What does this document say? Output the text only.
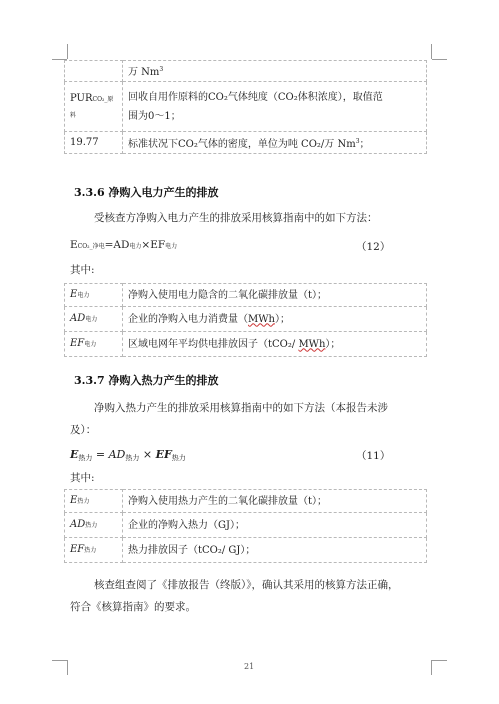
	万 Nm$^3$
PURCO₂_原料	回收自用作原料的CO₂气体纯度（CO₂体积浓度），取值范
围为0～1；
19.77	标准状况下CO₂气体的密度，单位为吨 CO₂/万 Nm$^3$；
3.3.6 净购入电力产生的排放
受核查方净购入电力产生的排放采用核算指南中的如下方法：
ECO₂_净电=AD电力×EF电力	（12）
其中:
E电力	净购入使用电力隐含的二氧化碳排放量（t）；
AD电力	企业的净购入电力消费量（MWh）；
EF电力	区域电网年平均供电排放因子（tCO₂/ MWh）；
3.3.7 净购入热力产生的排放
净购入热力产生的排放采用核算指南中的如下方法（本报告未涉
及）：
E热力 = AD热力 × EF热力	（11）
其中:
E热力	净购入使用热力产生的二氧化碳排放量（t）；
AD热力	企业的净购入热力（GJ）；
EF热力	热力排放因子（tCO₂/ GJ）；
核查组查阅了《排放报告（终版）》，确认其采用的核算方法正确，
符合《核算指南》的要求。
21
